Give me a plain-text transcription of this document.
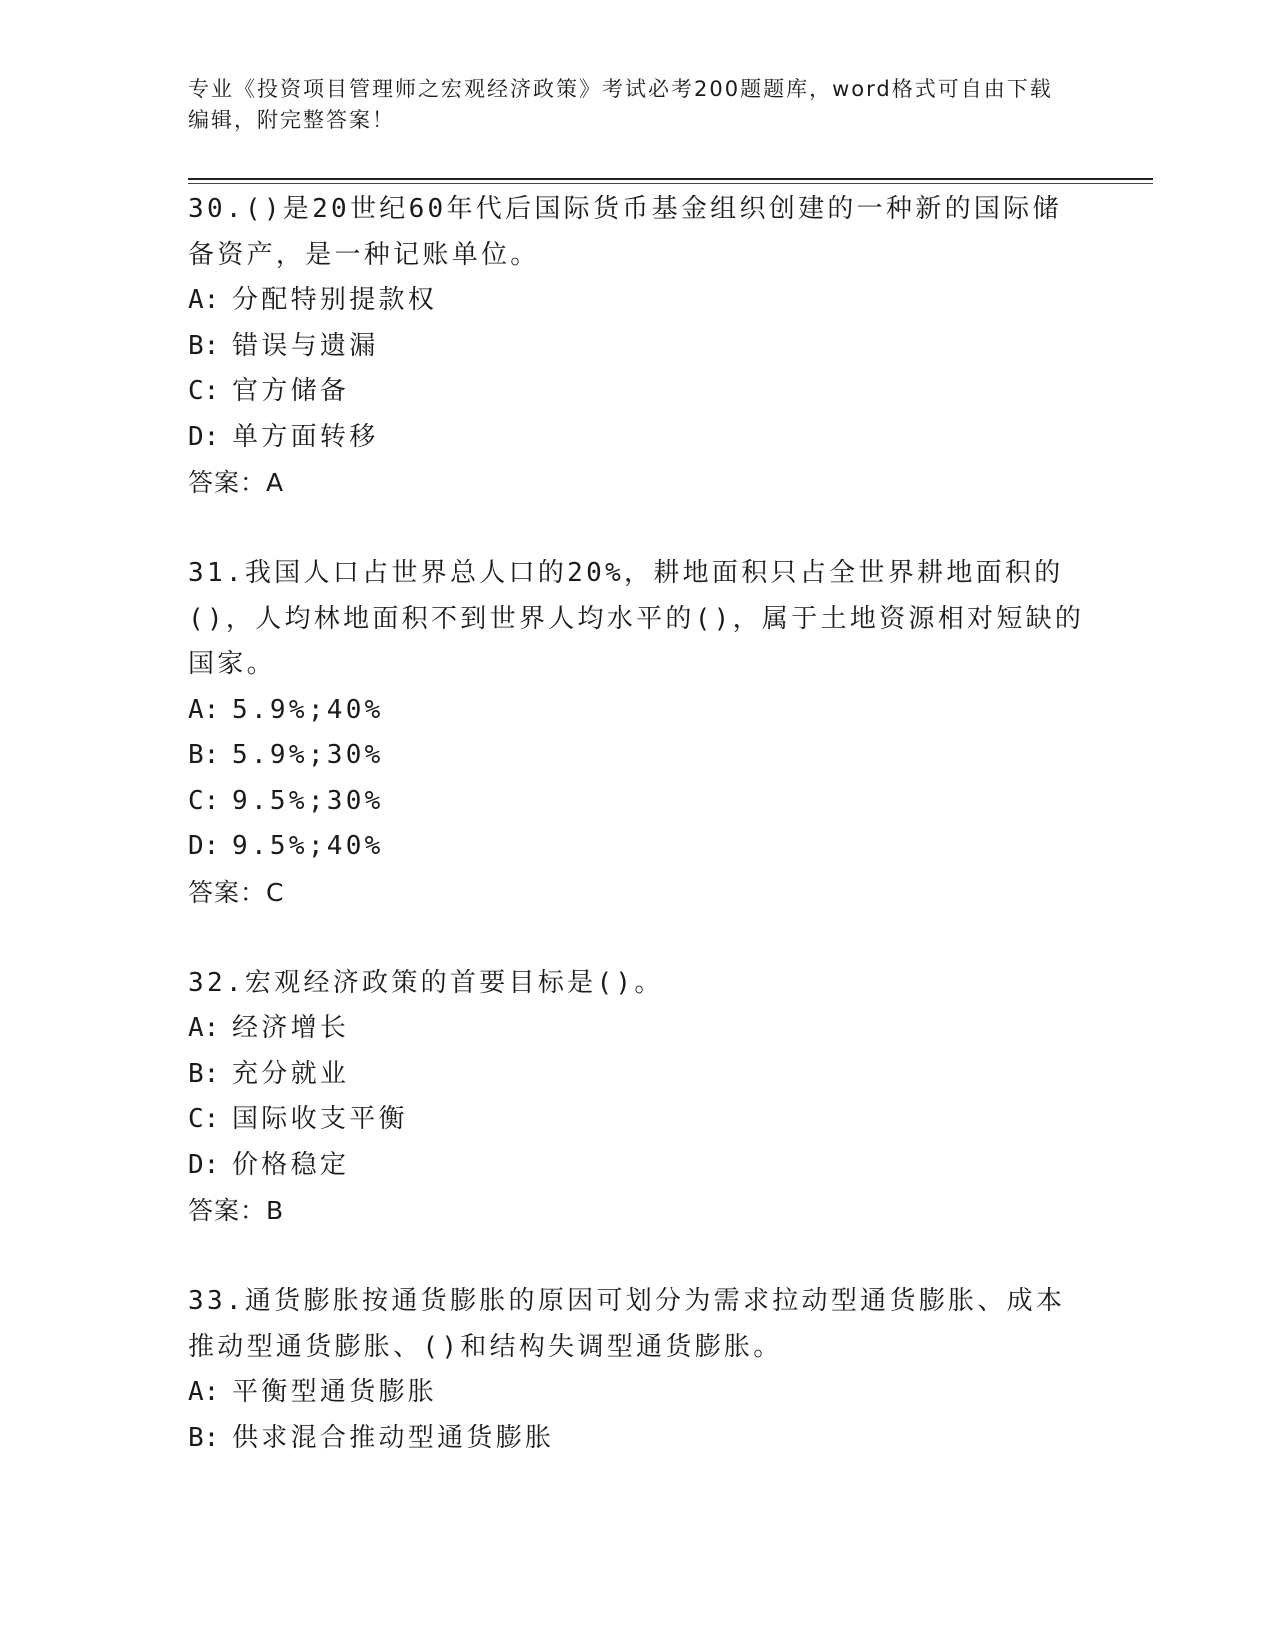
专业《投资项目管理师之宏观经济政策》考试必考200题题库，word格式可自由下载编辑，附完整答案！
30.()是20世纪60年代后国际货币基金组织创建的一种新的国际储备资产，是一种记账单位。
A: 分配特别提款权
B: 错误与遗漏
C: 官方储备
D: 单方面转移
答案：A
31.我国人口占世界总人口的20%，耕地面积只占全世界耕地面积的()，人均林地面积不到世界人均水平的()，属于土地资源相对短缺的国家。
A: 5.9%;40%
B: 5.9%;30%
C: 9.5%;30%
D: 9.5%;40%
答案：C
32.宏观经济政策的首要目标是()。
A: 经济增长
B: 充分就业
C: 国际收支平衡
D: 价格稳定
答案：B
33.通货膨胀按通货膨胀的原因可划分为需求拉动型通货膨胀、成本推动型通货膨胀、()和结构失调型通货膨胀。
A: 平衡型通货膨胀
B: 供求混合推动型通货膨胀
